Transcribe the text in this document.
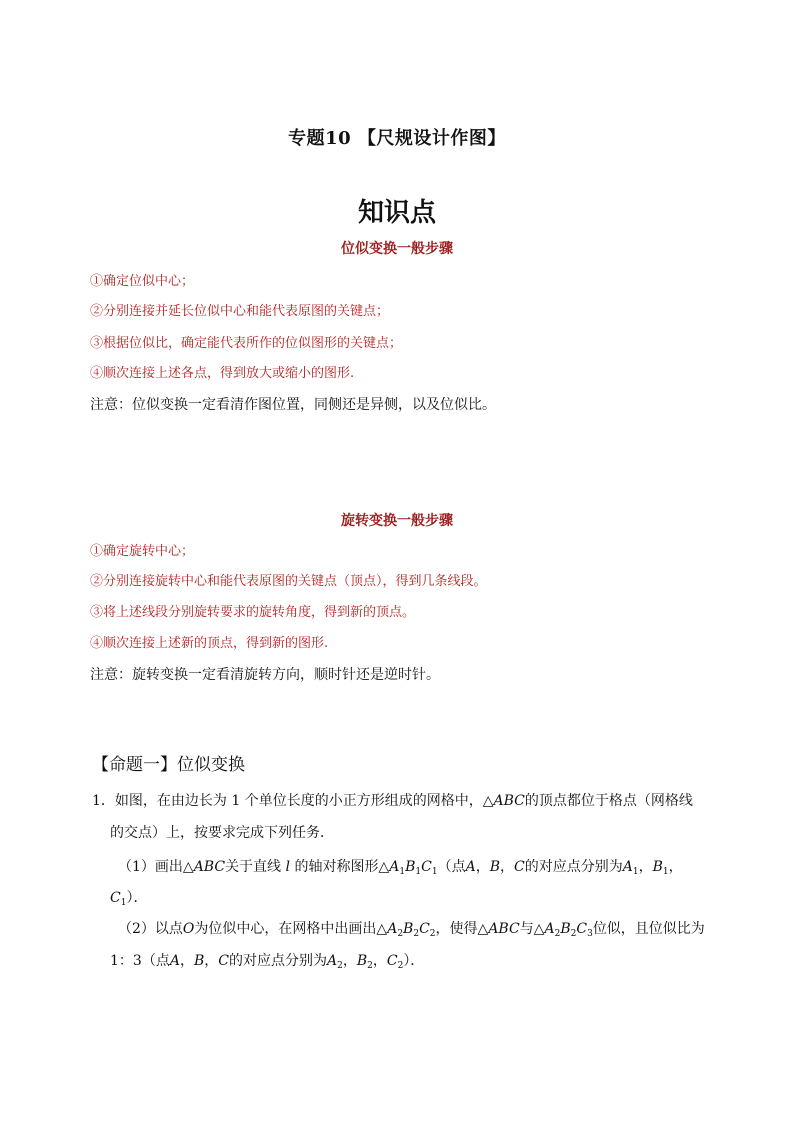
专题10 【尺规设计作图】
知识点
位似变换一般步骤
①确定位似中心；
②分别连接并延长位似中心和能代表原图的关键点；
③根据位似比，确定能代表所作的位似图形的关键点；
④顺次连接上述各点，得到放大或缩小的图形.
注意：位似变换一定看清作图位置，同侧还是异侧，以及位似比。
旋转变换一般步骤
①确定旋转中心；
②分别连接旋转中心和能代表原图的关键点（顶点），得到几条线段。
③将上述线段分别旋转要求的旋转角度，得到新的顶点。
④顺次连接上述新的顶点，得到新的图形.
注意：旋转变换一定看清旋转方向，顺时针还是逆时针。
【命题一】位似变换
1．如图，在由边长为 1 个单位长度的小正方形组成的网格中，△ABC的顶点都位于格点（网格线
的交点）上，按要求完成下列任务．
（1）画出△ABC关于直线 l 的轴对称图形$\triangle A_1B_1C_1$（点A，B，C的对应点分别为$A_1$，$B_1$，
$C_1$）．
（2）以点O为位似中心，在网格中出画出$\triangle A_2B_2C_2$，使得△ABC与$\triangle A_2B_2C_3$位似，且位似比为
1：3（点A，B，C的对应点分别为$A_2$，$B_2$，$C_2$）．
